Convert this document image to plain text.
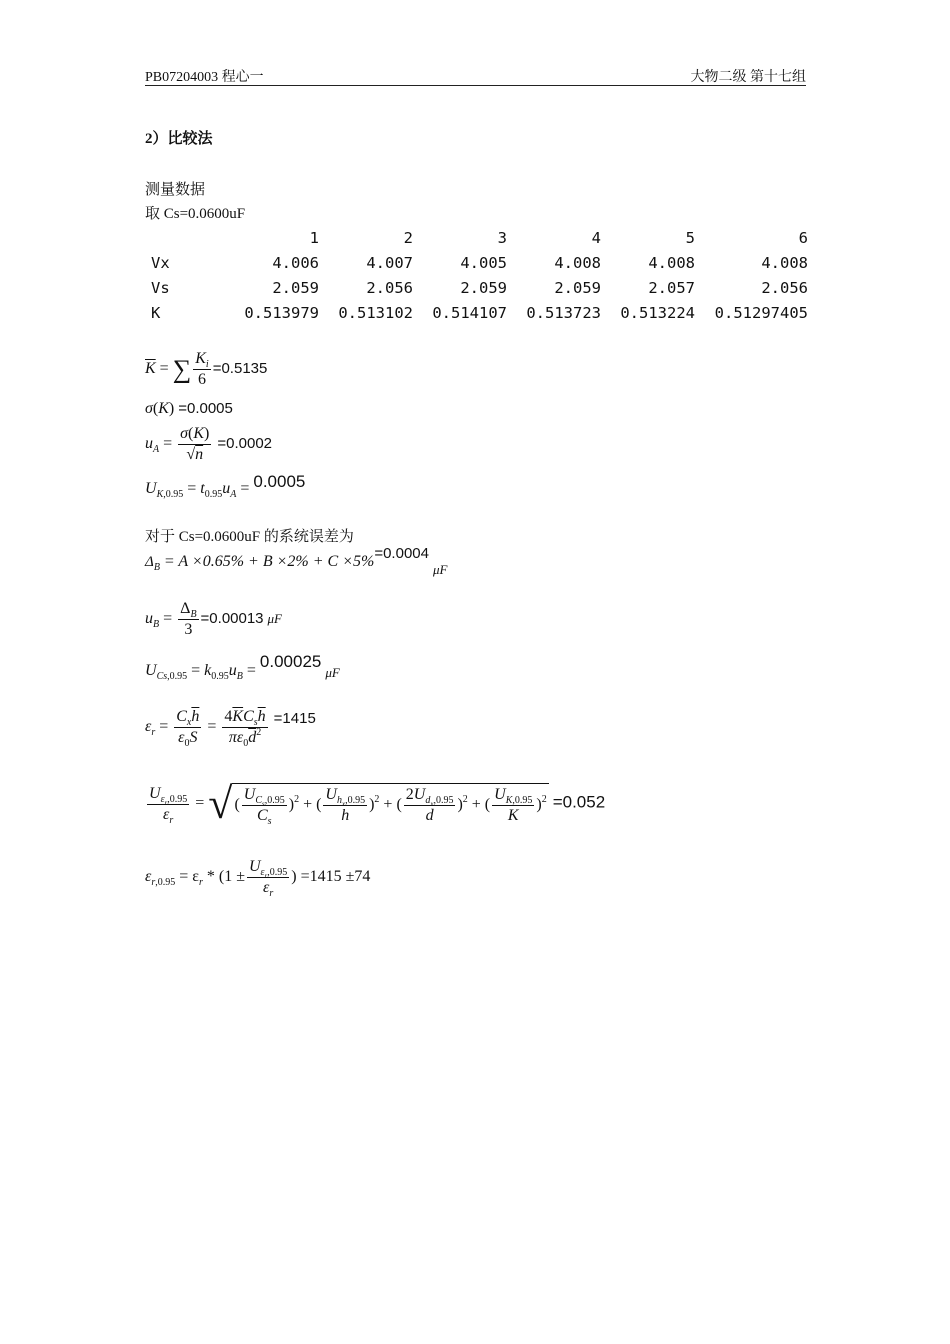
PB07204003 程心一	大物二级 第十七组
2）比较法
测量数据
取 Cs=0.0600uF
	1	2	3	4	5	6
Vx	4.006	4.007	4.005	4.008	4.008	4.008
Vs	2.059	2.056	2.059	2.059	2.057	2.056
K	0.513979	0.513102	0.514107	0.513723	0.513224	0.51297405
$\overline{K}$ = ∑ $\frac{K_i}{6} =0.5135$
σ(K) =0.0005
$u_A = \frac{\sigma(K)}{√n} =0.0002$
$U_{K,0.95} = t_{0.95}u_A = 0.0005$
对于 Cs=0.0600uF 的系统误差为
$\Delta_B = A \times 0.65\% + B \times 2\% + C \times 5\%=0.0004$ $_{\mu F}$
$u_B = \frac{\Delta_B}{3} =0.00013$ μF
$U_{Cs,0.95} = k_{0.95}u_B = 0.00025$ μF
$\varepsilon_r = \frac{C_x\overline{h}}{\varepsilon_0S} = \frac{4\overline{K}C_s\overline{h}}{\pi\varepsilon_0\overline{d}^2} =1415$
$\frac{U_{\varepsilon_r,0.95}}{\varepsilon_r}$ = √ ( $\frac{U_{C_s,0.95}}{C_s} )^2$ + ( $\frac{U_{h_x,0.95}}{h} )^2$ + ( $\frac{2U_{d_x,0.95}}{d} )^2$ + ( $\frac{U_{K,0.95}}{K} )^2 =0.052$
$\varepsilon_{r,0.95} = \varepsilon_r * (1 \pm \frac{U_{\varepsilon_r,0.95}}{\varepsilon_r}$ ) =1415 ±74
